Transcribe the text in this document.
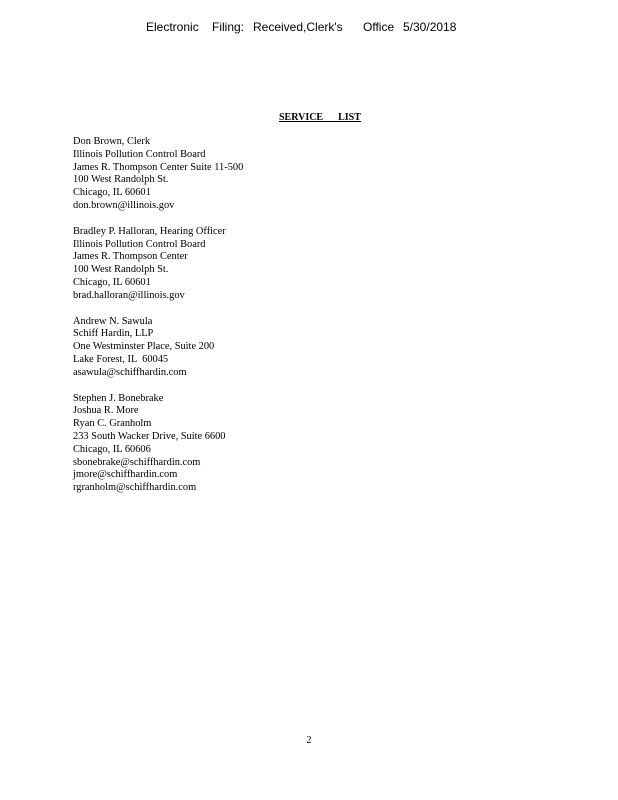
Electronic Filing: Received,Clerk's Office 5/30/2018
SERVICE      LIST
Don Brown, Clerk
Illinois Pollution Control Board
James R. Thompson Center Suite 11-500
100 West Randolph St.
Chicago, IL 60601
don.brown@illinois.gov
Bradley P. Halloran, Hearing Officer
Illinois Pollution Control Board
James R. Thompson Center
100 West Randolph St.
Chicago, IL 60601
brad.halloran@illinois.gov
Andrew N. Sawula
Schiff Hardin, LLP
One Westminster Place, Suite 200
Lake Forest, IL  60045
asawula@schiffhardin.com
Stephen J. Bonebrake
Joshua R. More
Ryan C. Granholm
233 South Wacker Drive, Suite 6600
Chicago, IL 60606
sbonebrake@schiffhardin.com
jmore@schiffhardin.com
rgranholm@schiffhardin.com
2
